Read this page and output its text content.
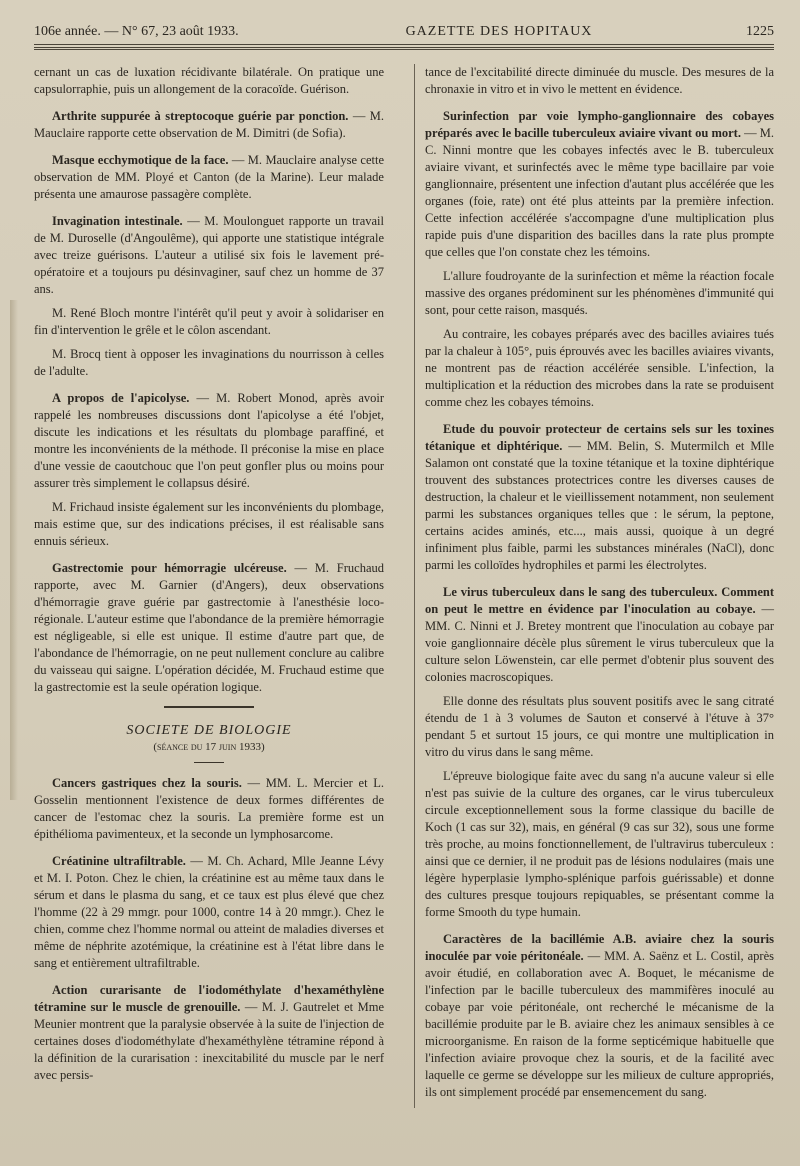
106e année. — N° 67, 23 août 1933.	GAZETTE DES HOPITAUX	1225

cernant un cas de luxation récidivante bilatérale. On pratique une capsulorraphie, puis un allongement de la coracoïde. Guérison.

Arthrite suppurée à streptocoque guérie par ponction. — M. Mauclaire rapporte cette observation de M. Dimitri (de Sofia).

Masque ecchymotique de la face. — M. Mauclaire analyse cette observation de MM. Ployé et Canton (de la Marine). Leur malade présenta une amaurose passagère complète.

Invagination intestinale. — M. Moulonguet rapporte un travail de M. Duroselle (d'Angoulême), qui apporte une statistique intégrale avec treize guérisons. L'auteur a utilisé six fois le lavement pré-opératoire et a toujours pu désinvaginer, sauf chez un homme de 37 ans.

M. René Bloch montre l'intérêt qu'il peut y avoir à solidariser en fin d'intervention le grêle et le côlon ascendant.

M. Brocq tient à opposer les invaginations du nourrisson à celles de l'adulte.

A propos de l'apicolyse. — M. Robert Monod, après avoir rappelé les nombreuses discussions dont l'apicolyse a été l'objet, discute les indications et les résultats du plombage paraffiné, et montre les inconvénients de la méthode. Il préconise la mise en place d'une vessie de caoutchouc que l'on peut gonfler plus ou moins pour assurer très simplement le collapsus désiré.

M. Frichaud insiste également sur les inconvénients du plombage, mais estime que, sur des indications précises, il est réalisable sans ennuis sérieux.

Gastrectomie pour hémorragie ulcéreuse. — M. Fruchaud rapporte, avec M. Garnier (d'Angers), deux observations d'hémorragie grave guérie par gastrectomie à l'anesthésie loco-régionale. L'auteur estime que l'abondance de la première hémorragie est négligeable, si elle est unique. Il estime d'autre part que, de l'abondance de l'hémorragie, on ne peut nullement conclure au calibre du vaisseau qui saigne. L'opération décidée, M. Fruchaud estime que la gastrectomie est la seule opération logique.

SOCIETE DE BIOLOGIE
(séance du 17 juin 1933)

Cancers gastriques chez la souris. — MM. L. Mercier et L. Gosselin mentionnent l'existence de deux formes différentes de cancer de l'estomac chez la souris. La première forme est un épithélioma pavimenteux, et la seconde un lymphosarcome.

Créatinine ultrafiltrable. — M. Ch. Achard, Mlle Jeanne Lévy et M. I. Poton. Chez le chien, la créatinine est au même taux dans le sérum et dans le plasma du sang, et ce taux est plus élevé que chez l'homme (22 à 29 mmgr. pour 1000, contre 14 à 20 mmgr.). Chez le chien, comme chez l'homme normal ou atteint de maladies diverses et même de néphrite azotémique, la créatinine est à l'état libre dans le sang et entièrement ultrafiltrable.

Action curarisante de l'iodométhylate d'hexaméthylène tétramine sur le muscle de grenouille. — M. J. Gautrelet et Mme Meunier montrent que la paralysie observée à la suite de l'injection de certaines doses d'iodométhylate d'hexaméthylène tétramine répond à la définition de la curarisation : inexcitabilité du muscle par le nerf avec persis-

tance de l'excitabilité directe diminuée du muscle. Des mesures de la chronaxie in vitro et in vivo le mettent en évidence.

Surinfection par voie lympho-ganglionnaire des cobayes préparés avec le bacille tuberculeux aviaire vivant ou mort. — M. C. Ninni montre que les cobayes infectés avec le B. tuberculeux aviaire vivant, et surinfectés avec le même type bacillaire par voie ganglionnaire, présentent une infection d'autant plus accélérée que les organes (foie, rate) ont été plus atteints par la première infection. Cette infection accélérée s'accompagne d'une multiplication plus rapide puis d'une disparition des bacilles dans la rate plus prompte que celles que l'on constate chez les témoins.

L'allure foudroyante de la surinfection et même la réaction focale massive des organes prédominent sur les phénomènes d'immunité qui sont, pour cette raison, masqués.

Au contraire, les cobayes préparés avec des bacilles aviaires tués par la chaleur à 105°, puis éprouvés avec les bacilles aviaires vivants, ne montrent pas de réaction accélérée sensible. L'infection, la multiplication et la réduction des microbes dans la rate se produisent comme chez les cobayes témoins.

Etude du pouvoir protecteur de certains sels sur les toxines tétanique et diphtérique. — MM. Belin, S. Mutermilch et Mlle Salamon ont constaté que la toxine tétanique et la toxine diphtérique trouvent des substances protectrices contre les diverses causes de destruction, la chaleur et le vieillissement notamment, non seulement parmi les substances organiques telles que : le sérum, la peptone, certains acides aminés, etc..., mais aussi, quoique à un degré infiniment plus faible, parmi les substances minérales (NaCl), donc parmi les colloïdes hydrophiles et parmi les électrolytes.

Le virus tuberculeux dans le sang des tuberculeux. Comment on peut le mettre en évidence par l'inoculation au cobaye. — MM. C. Ninni et J. Bretey montrent que l'inoculation au cobaye par voie ganglionnaire décèle plus sûrement le virus tuberculeux que la culture selon Löwenstein, car elle permet d'obtenir plus souvent des colonies macroscopiques.

Elle donne des résultats plus souvent positifs avec le sang citraté étendu de 1 à 3 volumes de Sauton et conservé à l'étuve à 37° pendant 5 et surtout 15 jours, ce qui montre une multiplication in vitro du virus dans le sang même.

L'épreuve biologique faite avec du sang n'a aucune valeur si elle n'est pas suivie de la culture des organes, car le virus tuberculeux circule exceptionnellement sous la forme classique du bacille de Koch (1 cas sur 32), mais, en général (9 cas sur 32), sous une forme très proche, au moins fonctionnellement, de l'ultravirus tuberculeux : ainsi que ce dernier, il ne produit pas de lésions nodulaires (mais une légère hyperplasie lympho-splénique parfois guérissable) et donne des cultures presque toujours repiquables, se présentant comme la forme Smooth du type humain.

Caractères de la bacillémie A.B. aviaire chez la souris inoculée par voie péritonéale. — MM. A. Saënz et L. Costil, après avoir étudié, en collaboration avec A. Boquet, le mécanisme de l'infection par le bacille tuberculeux des mammifères inoculé au cobaye par voie péritonéale, ont recherché le mécanisme de la bacillémie produite par le B. aviaire chez les animaux sensibles à ce microorganisme. En raison de la forme septicémique habituelle que l'infection aviaire provoque chez la souris, et de la facilité avec laquelle ce germe se développe sur les milieux de culture appropriés, ils ont simplement procédé par ensemencement du sang.
